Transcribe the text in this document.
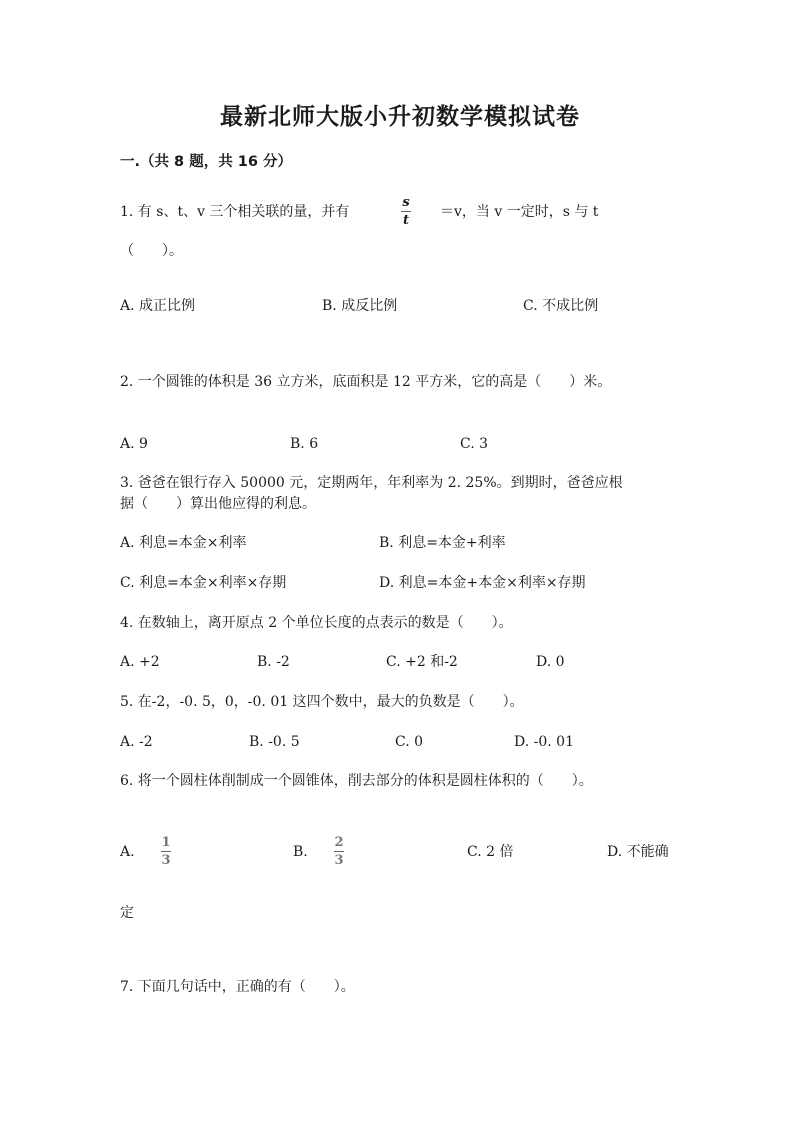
最新北师大版小升初数学模拟试卷
一.（共 8 题，共 16 分）
1. 有 s、t、v 三个相关联的量，并有
s
t
＝v，当 v 一定时，s 与 t
（　　）。
A. 成正比例	B. 成反比例	C. 不成比例
2. 一个圆锥的体积是 36 立方米，底面积是 12 平方米，它的高是（　　）米。
A. 9	B. 6	C. 3
3. 爸爸在银行存入 50000 元，定期两年，年利率为 2. 25%。到期时，爸爸应根
据（　　）算出他应得的利息。
A. 利息=本金×利率	B. 利息=本金+利率
C. 利息=本金×利率×存期	D. 利息=本金+本金×利率×存期
4. 在数轴上，离开原点 2 个单位长度的点表示的数是（　　）。
A. +2	B. -2	C. +2 和-2	D. 0
5. 在-2，-0. 5，0，-0. 01 这四个数中，最大的负数是（　　）。
A. -2	B. -0. 5	C. 0	D. -0. 01
6. 将一个圆柱体削制成一个圆锥体，削去部分的体积是圆柱体积的（　　）。
A.
1
3
B.
2
3
C. 2 倍	D. 不能确
定
7. 下面几句话中，正确的有（　　）。
